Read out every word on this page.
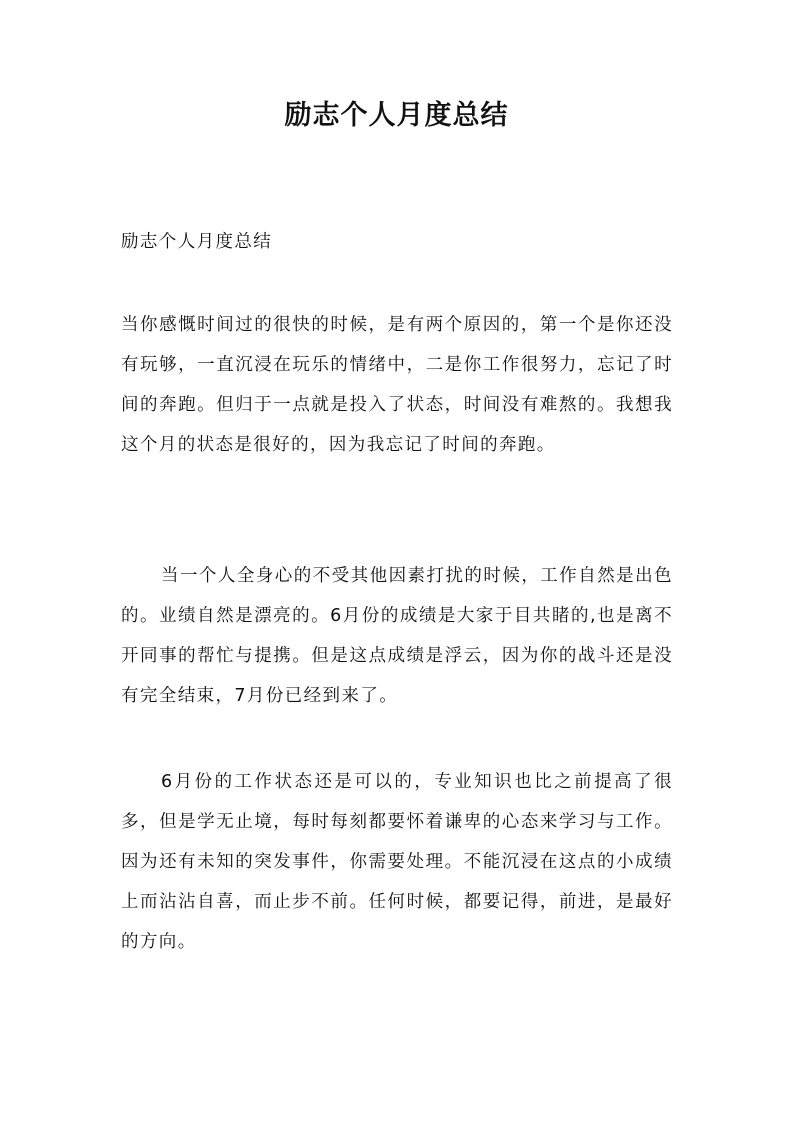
励志个人月度总结

励志个人月度总结

当你感慨时间过的很快的时候，是有两个原因的，第一个是你还没有玩够，一直沉浸在玩乐的情绪中，二是你工作很努力，忘记了时间的奔跑。但归于一点就是投入了状态，时间没有难熬的。我想我这个月的状态是很好的，因为我忘记了时间的奔跑。

当一个人全身心的不受其他因素打扰的时候，工作自然是出色的。业绩自然是漂亮的。6月份的成绩是大家于目共睹的,也是离不开同事的帮忙与提携。但是这点成绩是浮云，因为你的战斗还是没有完全结束，7月份已经到来了。

6月份的工作状态还是可以的，专业知识也比之前提高了很多，但是学无止境，每时每刻都要怀着谦卑的心态来学习与工作。因为还有未知的突发事件，你需要处理。不能沉浸在这点的小成绩上而沾沾自喜，而止步不前。任何时候，都要记得，前进，是最好的方向。
